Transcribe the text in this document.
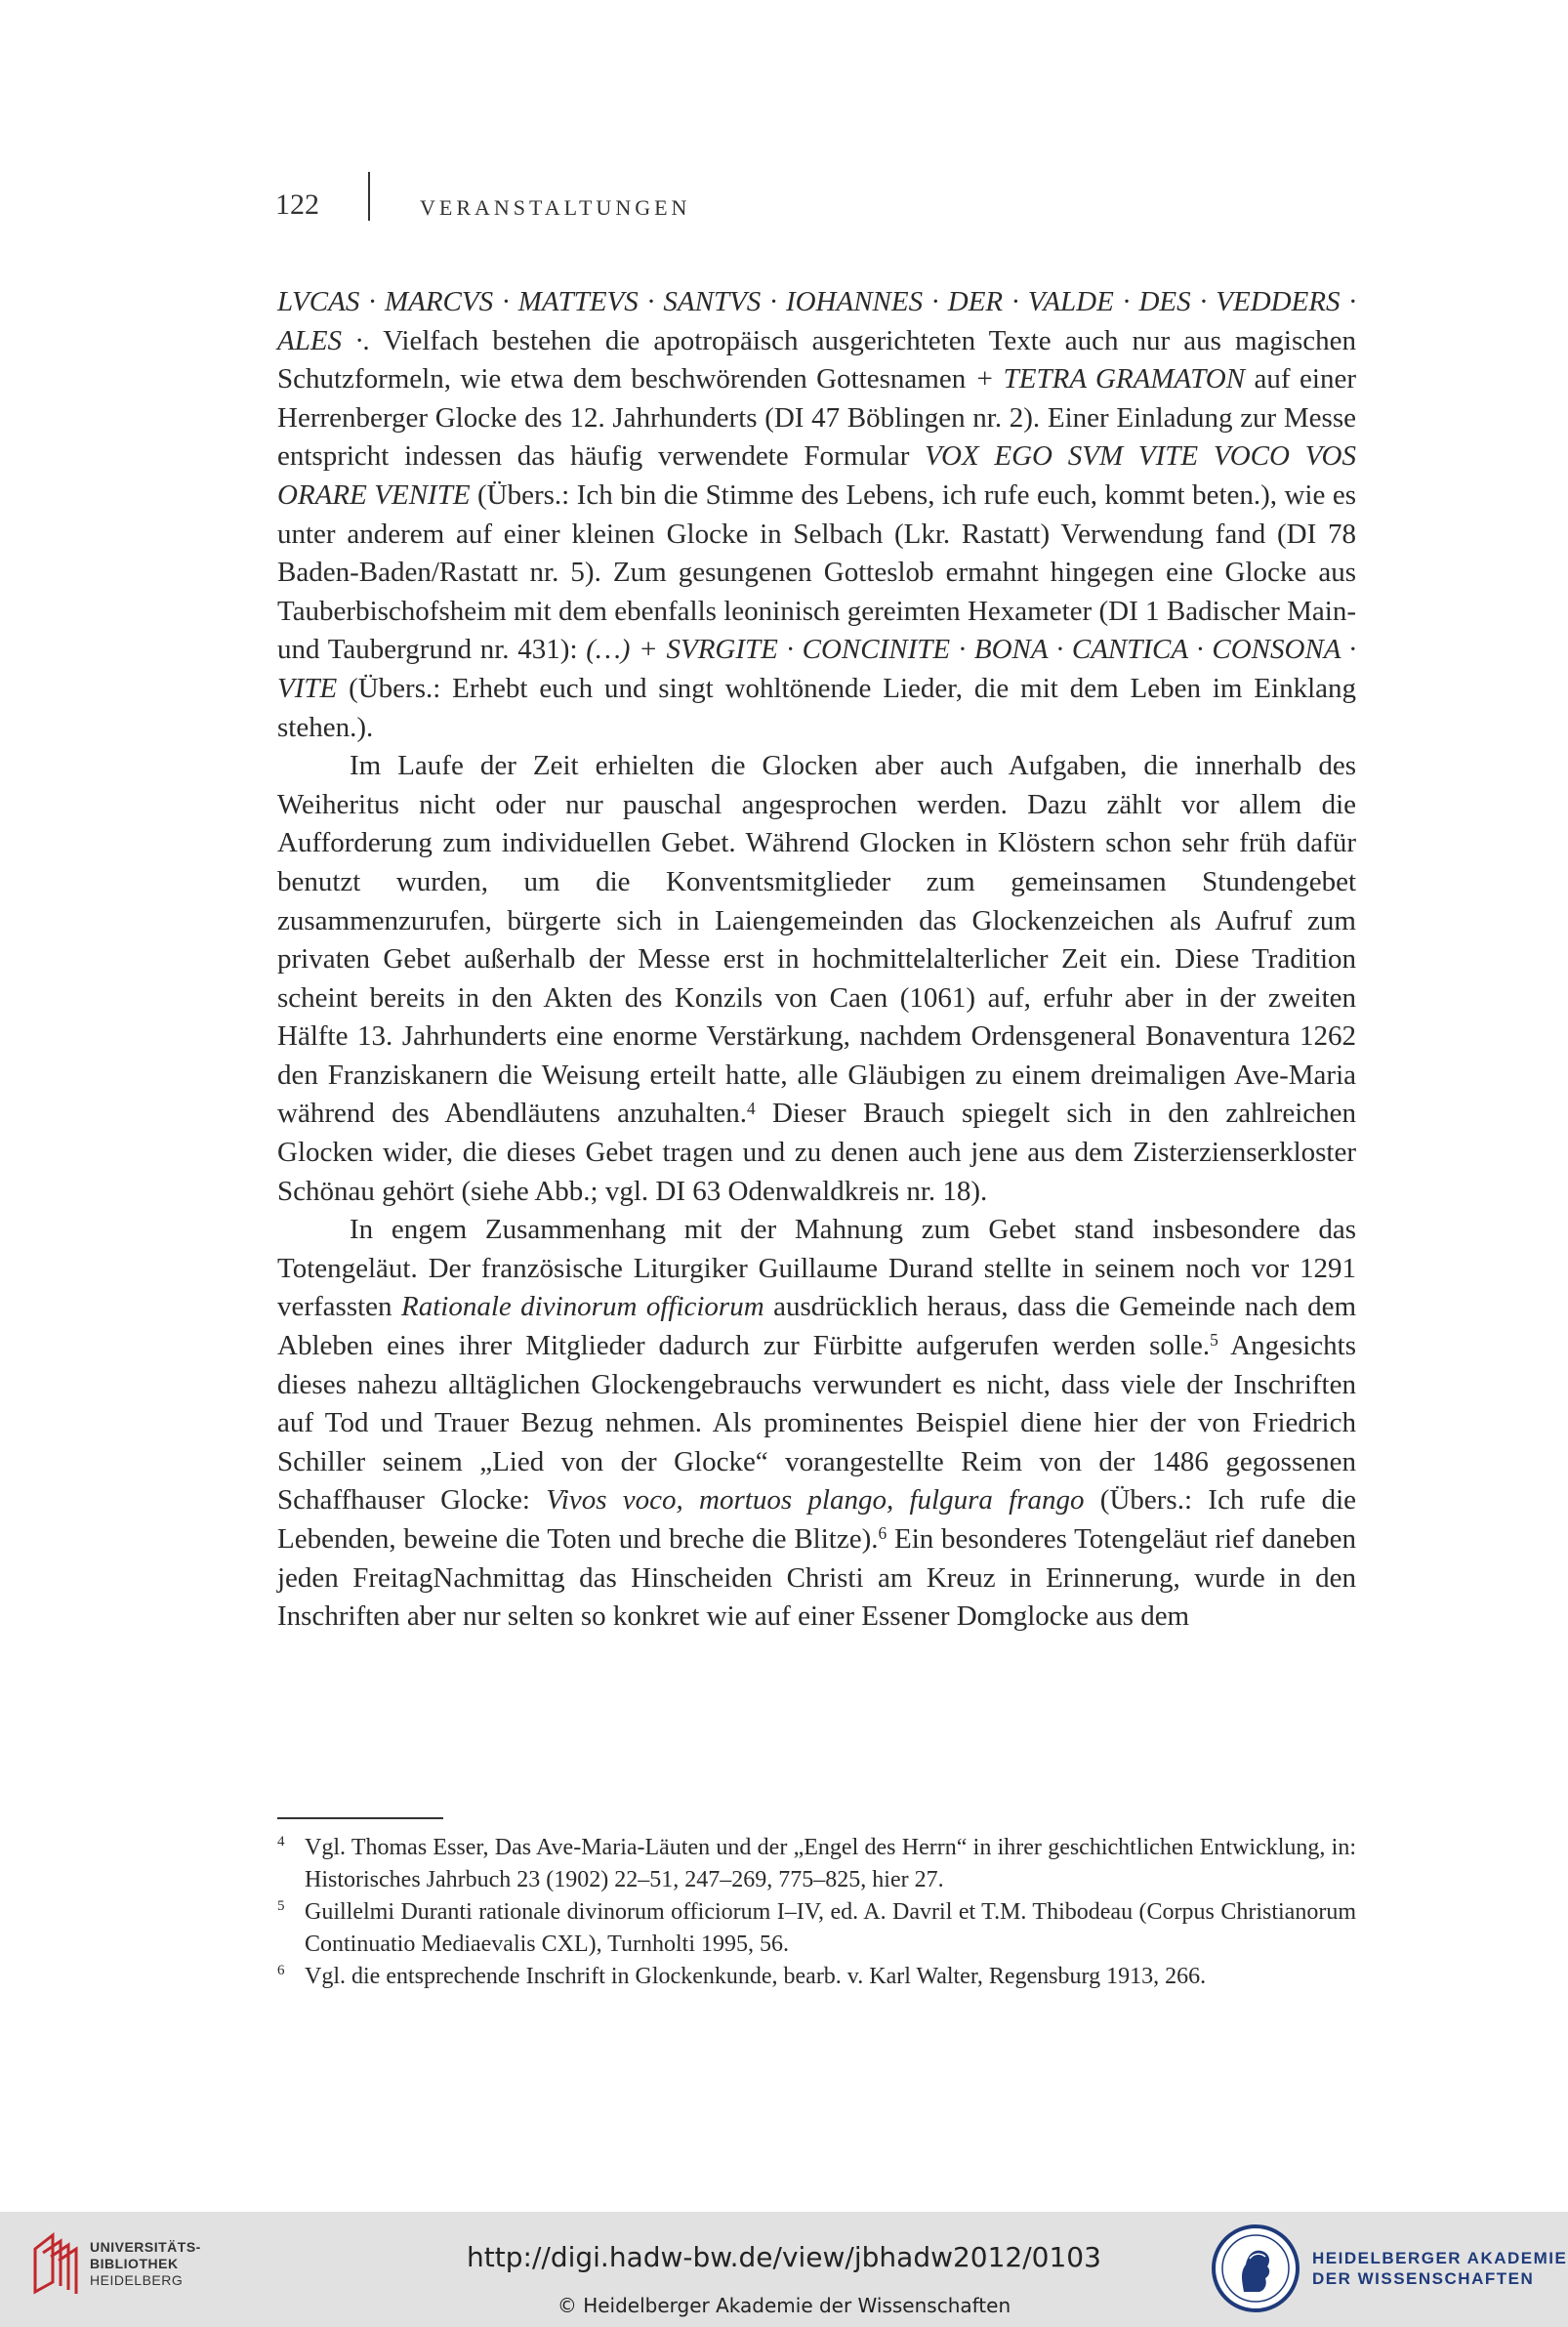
122	VERANSTALTUNGEN

LVCAS · MARCVS · MATTEVS · SANTVS · IOHANNES · DER · VALDE · DES · VEDDERS · ALES ·. Vielfach bestehen die apotropäisch ausgerichteten Texte auch nur aus magischen Schutzformeln, wie etwa dem beschwörenden Gottesnamen + TETRA GRAMATON auf einer Herrenberger Glocke des 12. Jahrhunderts (DI 47 Böblingen nr. 2). Einer Einladung zur Messe entspricht indessen das häufig verwendete Formular VOX EGO SVM VITE VOCO VOS ORARE VENITE (Übers.: Ich bin die Stimme des Lebens, ich rufe euch, kommt beten.), wie es unter anderem auf einer kleinen Glocke in Selbach (Lkr. Rastatt) Verwendung fand (DI 78 Baden-Baden/Rastatt nr. 5). Zum gesungenen Gotteslob ermahnt hingegen eine Glocke aus Tauberbischofsheim mit dem ebenfalls leoninisch gereimten Hexameter (DI 1 Badischer Main- und Taubergrund nr. 431): (…) + SVRGITE · CONCINITE · BONA · CANTICA · CONSONA · VITE (Übers.: Erhebt euch und singt wohltönende Lieder, die mit dem Leben im Einklang stehen.).

Im Laufe der Zeit erhielten die Glocken aber auch Aufgaben, die innerhalb des Weiheritus nicht oder nur pauschal angesprochen werden. Dazu zählt vor allem die Aufforderung zum individuellen Gebet. Während Glocken in Klöstern schon sehr früh dafür benutzt wurden, um die Konventsmitglieder zum gemeinsamen Stundengebet zusammenzurufen, bürgerte sich in Laiengemeinden das Glockenzeichen als Aufruf zum privaten Gebet außerhalb der Messe erst in hochmittelalterlicher Zeit ein. Diese Tradition scheint bereits in den Akten des Konzils von Caen (1061) auf, erfuhr aber in der zweiten Hälfte 13. Jahrhunderts eine enorme Verstärkung, nachdem Ordensgeneral Bonaventura 1262 den Franziskanern die Weisung erteilt hatte, alle Gläubigen zu einem dreimaligen Ave-Maria während des Abendläutens anzuhalten.$^4$ Dieser Brauch spiegelt sich in den zahlreichen Glocken wider, die dieses Gebet tragen und zu denen auch jene aus dem Zisterzienserkloster Schönau gehört (siehe Abb.; vgl. DI 63 Odenwaldkreis nr. 18).

In engem Zusammenhang mit der Mahnung zum Gebet stand insbesondere das Totengeläut. Der französische Liturgiker Guillaume Durand stellte in seinem noch vor 1291 verfassten Rationale divinorum officiorum ausdrücklich heraus, dass die Gemeinde nach dem Ableben eines ihrer Mitglieder dadurch zur Fürbitte aufgerufen werden solle.$^5$ Angesichts dieses nahezu alltäglichen Glockengebrauchs verwundert es nicht, dass viele der Inschriften auf Tod und Trauer Bezug nehmen. Als prominentes Beispiel diene hier der von Friedrich Schiller seinem „Lied von der Glocke“ vorangestellte Reim von der 1486 gegossenen Schaffhauser Glocke: Vivos voco, mortuos plango, fulgura frango (Übers.: Ich rufe die Lebenden, beweine die Toten und breche die Blitze).$^6$ Ein besonderes Totengeläut rief daneben jeden FreitagNachmittag das Hinscheiden Christi am Kreuz in Erinnerung, wurde in den Inschriften aber nur selten so konkret wie auf einer Essener Domglocke aus dem

4 Vgl. Thomas Esser, Das Ave-Maria-Läuten und der „Engel des Herrn“ in ihrer geschichtlichen Entwicklung, in: Historisches Jahrbuch 23 (1902) 22–51, 247–269, 775–825, hier 27.
5 Guillelmi Duranti rationale divinorum officiorum I–IV, ed. A. Davril et T.M. Thibodeau (Corpus Christianorum Continuatio Mediaevalis CXL), Turnholti 1995, 56.
6 Vgl. die entsprechende Inschrift in Glockenkunde, bearb. v. Karl Walter, Regensburg 1913, 266.
UNIVERSITÄTS-
BIBLIOTHEK
HEIDELBERG
http://digi.hadw-bw.de/view/jbhadw2012/0103
© Heidelberger Akademie der Wissenschaften
HEIDELBERGER AKADEMIE
DER WISSENSCHAFTEN
